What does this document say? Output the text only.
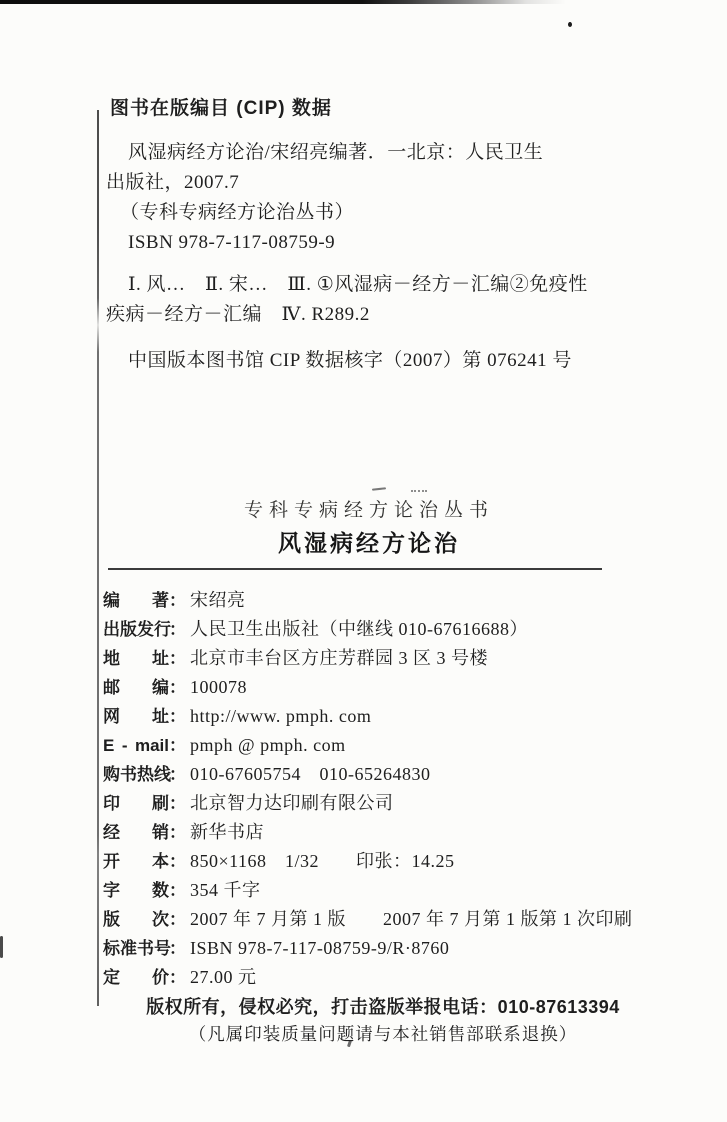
图书在版编目 (CIP) 数据
风湿病经方论治/宋绍亮编著．一北京：人民卫生
出版社，2007.7
（专科专病经方论治丛书）
ISBN 978-7-117-08759-9
Ⅰ. 风…　Ⅱ. 宋…　Ⅲ. ①风湿病－经方－汇编②免疫性
疾病－经方－汇编　Ⅳ. R289.2
中国版本图书馆 CIP 数据核字（2007）第 076241 号
专科专病经方论治丛书
风湿病经方论治
编著 ： 宋绍亮
出版发行
： 人民卫生出版社（中继线 010-67616688）
地址 ： 北京市丰台区方庄芳群园 3 区 3 号楼
邮编 ： 100078
网址 ： http://www. pmph. com
E - mail ： pmph @ pmph. com
购书热线
： 010-67605754　010-65264830
印刷 ： 北京智力达印刷有限公司
经销 ： 新华书店
开本 ： 850×1168　1/32　　印张：14.25
字数 ： 354 千字
版次 ： 2007 年 7 月第 1 版　　2007 年 7 月第 1 版第 1 次印刷
标准书号
： ISBN 978-7-117-08759-9/R·8760
定价 ： 27.00 元
版权所有，侵权必究，打击盗版举报电话：010-87613394
（凡属印装质量问题请与本社销售部联系退换）
